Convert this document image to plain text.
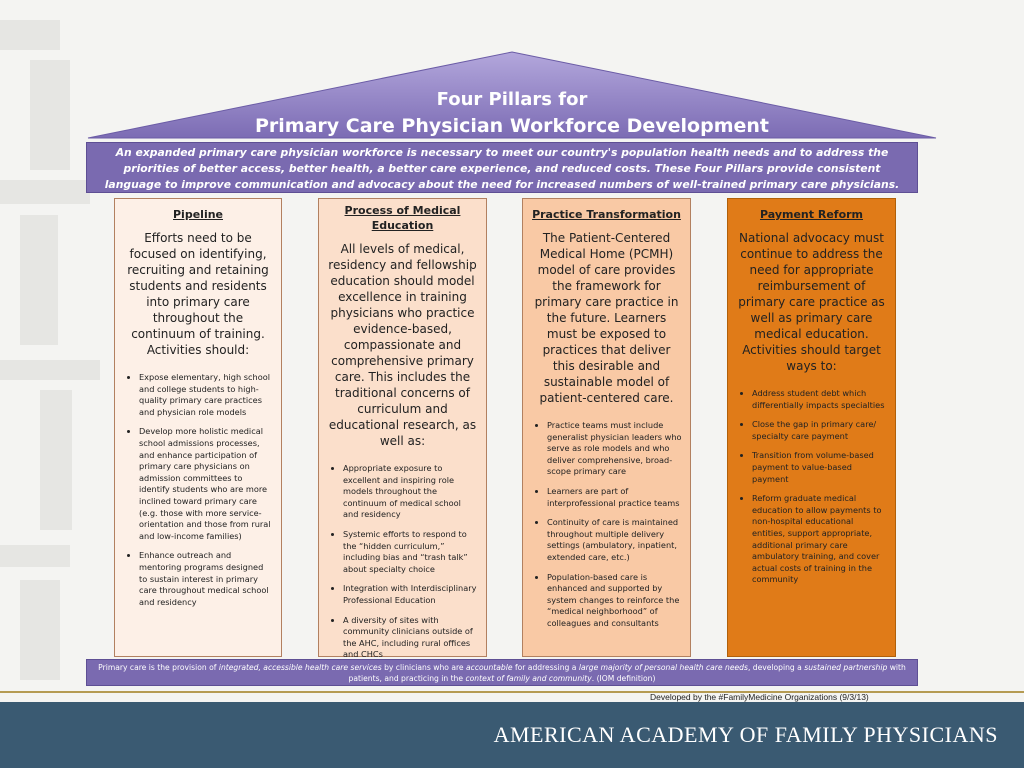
Four Pillars for
Primary Care Physician Workforce Development
An expanded primary care physician workforce is necessary to meet our country's population health needs and to address the priorities of better access, better health, a better care experience, and reduced costs. These Four Pillars provide consistent language to improve communication and advocacy about the need for increased numbers of well-trained primary care physicians.
Pipeline
Efforts need to be focused on identifying, recruiting and retaining students and residents into primary care throughout the continuum of training. Activities should:
• Expose elementary, high school and college students to high-quality primary care practices and physician role models
• Develop more holistic medical school admissions processes, and enhance participation of primary care physicians on admission committees to identify students who are more inclined toward primary care (e.g. those with more service-orientation and those from rural and low-income families)
• Enhance outreach and mentoring programs designed to sustain interest in primary care throughout medical school and residency
Process of Medical Education
All levels of medical, residency and fellowship education should model excellence in training physicians who practice evidence-based, compassionate and comprehensive primary care. This includes the traditional concerns of curriculum and educational research, as well as:
• Appropriate exposure to excellent and inspiring role models throughout the continuum of medical school and residency
• Systemic efforts to respond to the “hidden curriculum,” including bias and “trash talk” about specialty choice
• Integration with Interdisciplinary Professional Education
• A diversity of sites with community clinicians outside of the AHC, including rural offices and CHCs
Practice Transformation
The Patient-Centered Medical Home (PCMH) model of care provides the framework for primary care practice in the future. Learners must be exposed to practices that deliver this desirable and sustainable model of patient-centered care.
• Practice teams must include generalist physician leaders who serve as role models and who deliver comprehensive, broad-scope primary care
• Learners are part of interprofessional practice teams
• Continuity of care is maintained throughout multiple delivery settings (ambulatory, inpatient, extended care, etc.)
• Population-based care is enhanced and supported by system changes to reinforce the “medical neighborhood” of colleagues and consultants
Payment Reform
National advocacy must continue to address the need for appropriate reimbursement of primary care practice as well as primary care medical education. Activities should target ways to:
• Address student debt which differentially impacts specialties
• Close the gap in primary care/ specialty care payment
• Transition from volume-based payment to value-based payment
• Reform graduate medical education to allow payments to non-hospital educational entities, support appropriate, additional primary care ambulatory training, and cover actual costs of training in the community
Primary care is the provision of integrated, accessible health care services by clinicians who are accountable for addressing a large majority of personal health care needs, developing a sustained partnership with patients, and practicing in the context of family and community. (IOM definition)
Developed by the #FamilyMedicine Organizations (9/3/13)
AMERICAN ACADEMY OF FAMILY PHYSICIANS
